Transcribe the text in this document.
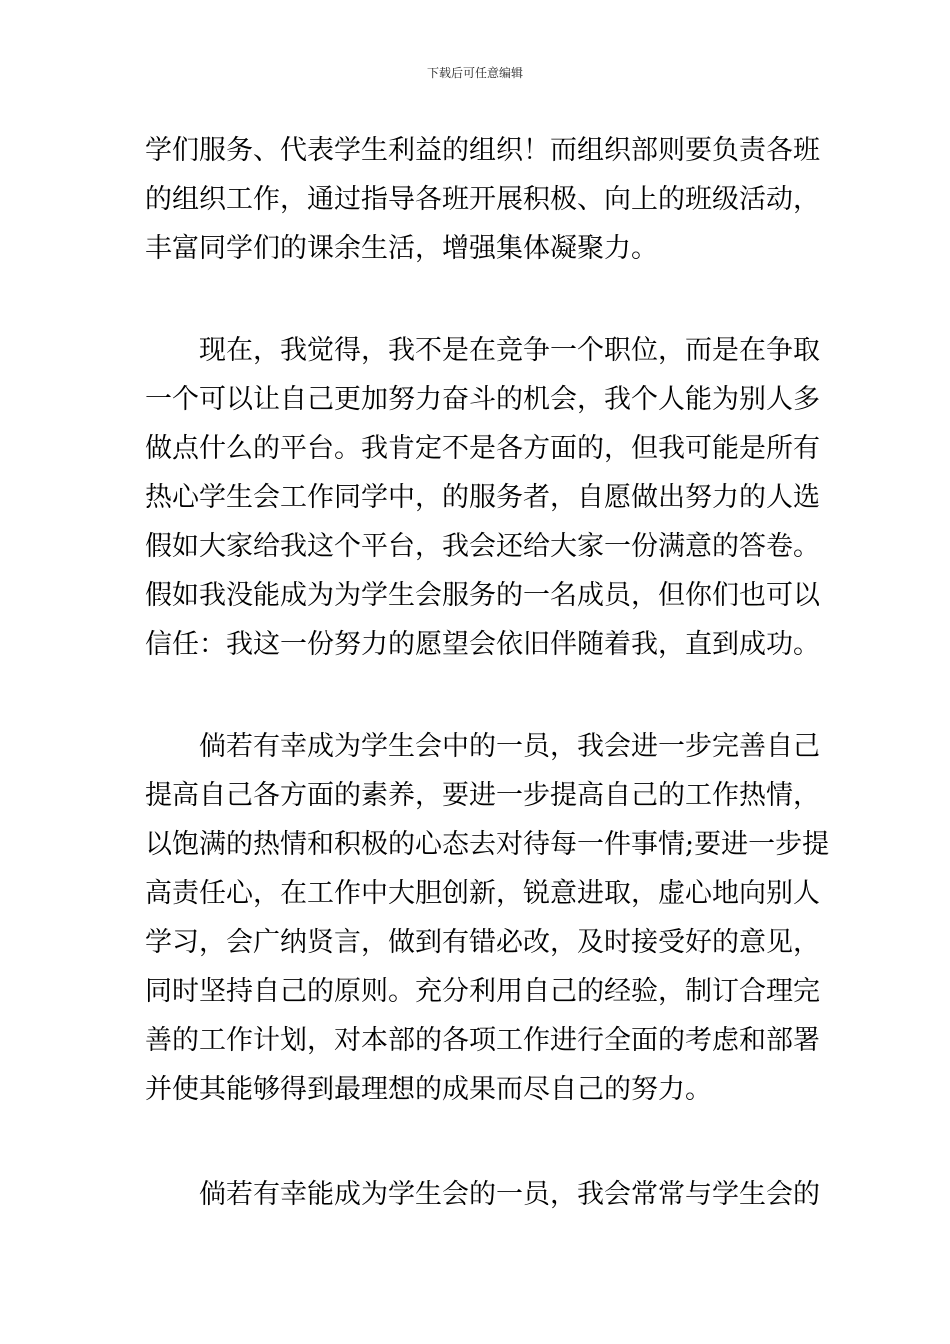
下载后可任意编辑
学们服务、代表学生利益的组织！而组织部则要负责各班
的组织工作，通过指导各班开展积极、向上的班级活动，
丰富同学们的课余生活，增强集体凝聚力。
　　现在，我觉得，我不是在竞争一个职位，而是在争取
一个可以让自己更加努力奋斗的机会，我个人能为别人多
做点什么的平台。我肯定不是各方面的，但我可能是所有
热心学生会工作同学中，的服务者，自愿做出努力的人选
假如大家给我这个平台，我会还给大家一份满意的答卷。
假如我没能成为为学生会服务的一名成员，但你们也可以
信任：我这一份努力的愿望会依旧伴随着我，直到成功。
　　倘若有幸成为学生会中的一员，我会进一步完善自己
提高自己各方面的素养，要进一步提高自己的工作热情，
以饱满的热情和积极的心态去对待每一件事情;要进一步提
高责任心，在工作中大胆创新，锐意进取，虚心地向别人
学习，会广纳贤言，做到有错必改，及时接受好的意见，
同时坚持自己的原则。充分利用自己的经验，制订合理完
善的工作计划，对本部的各项工作进行全面的考虑和部署
并使其能够得到最理想的成果而尽自己的努力。
　　倘若有幸能成为学生会的一员，我会常常与学生会的
